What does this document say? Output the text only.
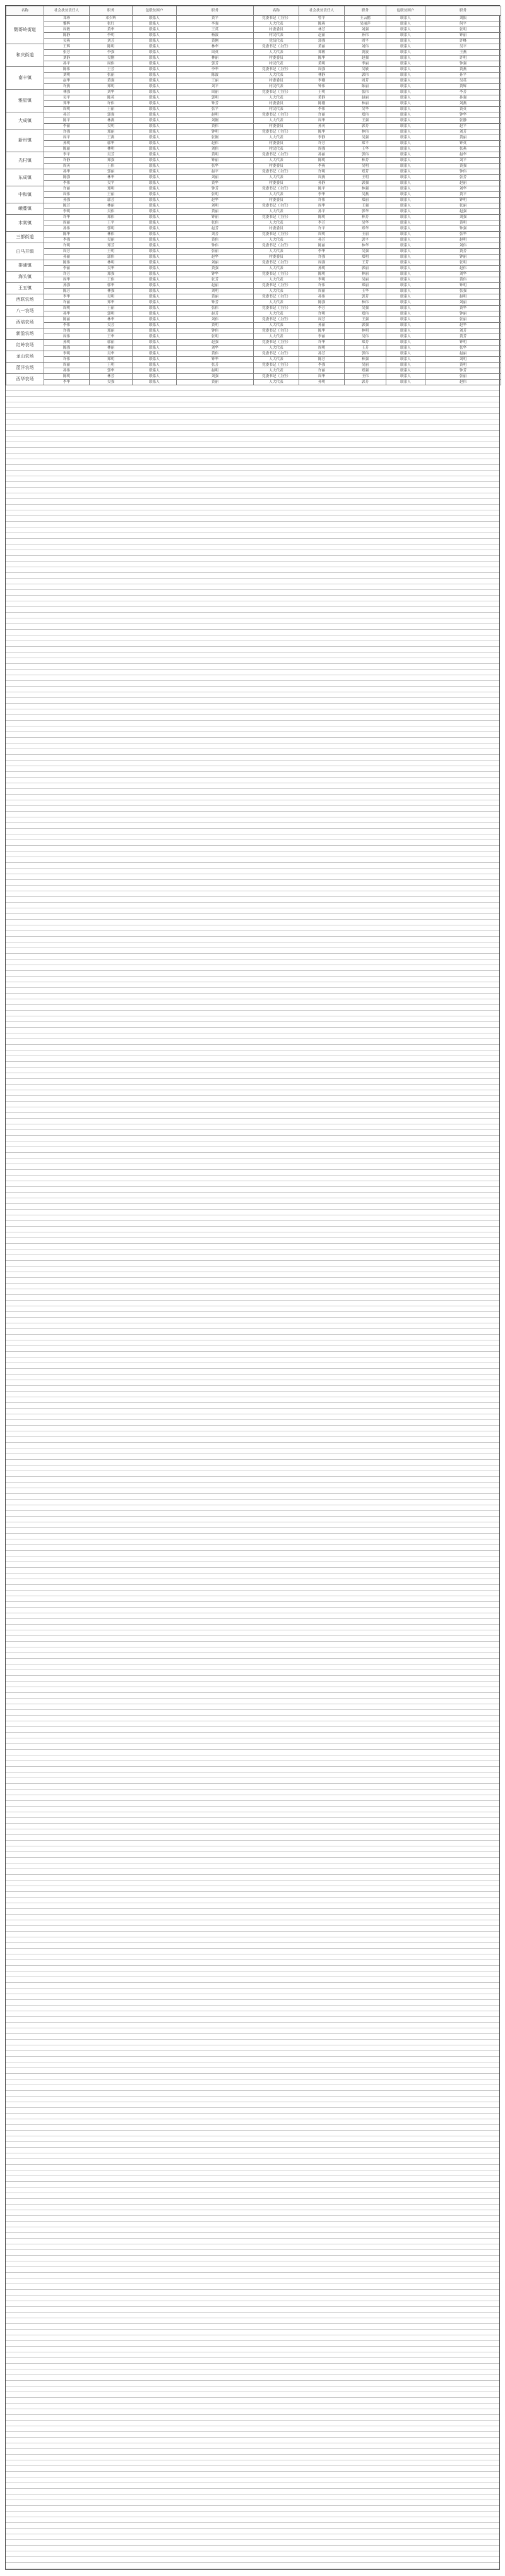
名称	社会扶贫责任人	职务	包联贫困户	职务	名称	社会扶贫责任人	职务	包联贫困户	职务	
鹦哥岭街道	邓珍	邓少辉	联系人	黄平	党委书记（主任）	曾平	王云鹏	联系人	刘振	
	黎辉	张红	联系人	李强	人大代表	陈燕	吴丽萍	联系人	何平	
	周敏	黄华	联系人	王英	村委委员	林芳	刘强	联系人	张明	
	陈静	李明	联系人	杨波	村民代表	赵丽	孙伟	联系人	钟丽	
	吴燕	刘芳	联系人	黄刚	党员代表	郭强	周平	联系人	许峰	
和庆街道	王辉	陈明	联系人	林华	党委书记（主任）	黄丽	刘伟	联系人	吴平	
	张芳	李强	联系人	周英	人大代表	郑敏	黄波	联系人	王燕	
	刘静	吴刚	联系人	林丽	村委委员	陈华	赵强	联系人	许明	
	孙平	周伟	联系人	郭芳	村民代表	黄明	李丽	联系人	钟强	
南丰镇	陈伟	王芳	联系人	李华	党委书记（主任）	周强	吴敏	联系人	黄燕	
	刘明	张丽	联系人	陈波	人大代表	林静	郭伟	联系人	孙平	
	赵华	黄强	联系人	王丽	村委委员	李刚	周芳	联系人	吴英	
	许燕	郑明	联系人	刘平	村民代表	钟伟	陈丽	联系人	黄辉	
雅星镇	林强	刘华	联系人	周丽	党委书记（主任）	王明	张伟	联系人	李芳	
	吴平	陈英	联系人	郭明	人大代表	黄静	赵丽	联系人	孙强	
	郑华	许伟	联系人	钟芳	村委委员	陈刚	林丽	联系人	刘燕	
	周明	王丽	联系人	张平	村民代表	李伟	吴华	联系人	黄英	
大成镇	孙芳	郭强	联系人	赵明	党委书记（主任）	许丽	郑伟	联系人	钟华	
	陈平	林燕	联系人	刘刚	人大代表	周华	王强	联系人	张静	
	李丽	吴明	联系人	黄伟	村委委员	孙英	郭芳	联系人	赵平	
新州镇	许强	郑丽	联系人	钟明	党委书记（主任）	陈华	林伟	联系人	刘芳	
	周平	王燕	联系人	张刚	人大代表	李静	吴强	联系人	黄丽	
	孙明	郭华	联系人	赵伟	村委委员	许芳	郑平	联系人	钟英	
	陈丽	林明	联系人	刘伟	村民代表	周强	王华	联系人	张燕	
光村镇	李平	吴芳	联系人	黄明	党委书记（主任）	孙丽	郭伟	联系人	赵华	
	许静	郑强	联系人	钟丽	人大代表	陈明	林芳	联系人	刘平	
	周英	王伟	联系人	张华	村委委员	李燕	吴明	联系人	黄强	
东成镇	孙华	郭丽	联系人	赵平	党委书记（主任）	许明	郑芳	联系人	钟伟	
	陈强	林华	联系人	刘丽	人大代表	周燕	王明	联系人	张芳	
	李伟	吴平	联系人	黄华	村委委员	孙静	郭强	联系人	赵丽	
中和镇	许丽	郑明	联系人	钟芳	党委书记（主任）	陈平	林强	联系人	刘华	
	周伟	王丽	联系人	张明	人大代表	李华	吴燕	联系人	黄平	
	孙强	郭芳	联系人	赵华	村委委员	许伟	郑丽	联系人	钟明	
峨蔓镇	陈芳	林丽	联系人	刘明	党委书记（主任）	周华	王强	联系人	张丽	
	李明	吴伟	联系人	黄丽	人大代表	孙平	郭华	联系人	赵强	
木棠镇	许华	郑伟	联系人	钟丽	党委书记（主任）	陈明	林芳	联系人	刘强	
	周丽	王平	联系人	张伟	人大代表	李芳	吴华	联系人	黄明	
	孙伟	郭明	联系人	赵芳	村委委员	许平	郑华	联系人	钟强	
三都街道	陈华	林伟	联系人	刘芳	党委书记（主任）	周明	王丽	联系人	张华	
	李强	吴丽	联系人	黄伟	人大代表	孙芳	郭平	联系人	赵明	
白马井镇	许明	郑芳	联系人	钟伟	党委书记（主任）	陈丽	林华	联系人	刘伟	
	周芳	王明	联系人	张丽	人大代表	李华	吴强	联系人	黄芳	
	孙丽	郭伟	联系人	赵华	村委委员	许强	郑明	联系人	钟丽	
排浦镇	陈伟	林明	联系人	刘丽	党委书记（主任）	周强	王芳	联系人	张明	
	李丽	吴华	联系人	黄强	人大代表	孙明	郭丽	联系人	赵伟	
海头镇	许芳	郑强	联系人	钟华	党委书记（主任）	陈明	林丽	联系人	刘华	
	周华	王伟	联系人	张芳	人大代表	李明	吴丽	联系人	黄伟	
王五镇	孙强	郭华	联系人	赵丽	党委书记（主任）	许伟	郑丽	联系人	钟明	
	陈芳	林强	联系人	刘明	人大代表	周丽	王华	联系人	张强	
西联农场	李华	吴明	联系人	黄丽	党委书记（主任）	孙伟	郭芳	联系人	赵明	
	许丽	郑华	联系人	钟芳	人大代表	陈强	林伟	联系人	刘丽	
八一农场	周明	王丽	联系人	张伟	党委书记（主任）	李芳	吴强	联系人	黄华	
	孙华	郭明	联系人	赵芳	人大代表	许明	郑伟	联系人	钟丽	
西培农场	陈丽	林华	联系人	刘伟	党委书记（主任）	周芳	王强	联系人	张丽	
	李伟	吴芳	联系人	黄明	人大代表	孙丽	郭强	联系人	赵华	
新盈农场	许强	郑丽	联系人	钟伟	党委书记（主任）	陈华	林明	联系人	刘芳	
	周伟	王华	联系人	张明	人大代表	李丽	吴伟	联系人	黄芳	
红岭农场	孙明	郭丽	联系人	赵强	党委书记（主任）	许华	郑芳	联系人	钟明	
	陈强	林丽	联系人	刘华	人大代表	周明	王芳	联系人	张华	
龙山农场	李明	吴华	联系人	黄伟	党委书记（主任）	孙芳	郭伟	联系人	赵丽	
	许伟	郑明	联系人	钟华	人大代表	陈芳	林强	联系人	刘明	
蓝洋农场	周丽	王明	联系人	张芳	党委书记（主任）	李强	吴丽	联系人	黄明	
	孙伟	郭华	联系人	赵明	人大代表	许丽	郑强	联系人	钟芳	
西华农场	陈明	林芳	联系人	刘强	党委书记（主任）	周华	王伟	联系人	张丽	
	李华	吴强	联系人	黄丽	人大代表	孙明	郭芳	联系人	赵伟	
